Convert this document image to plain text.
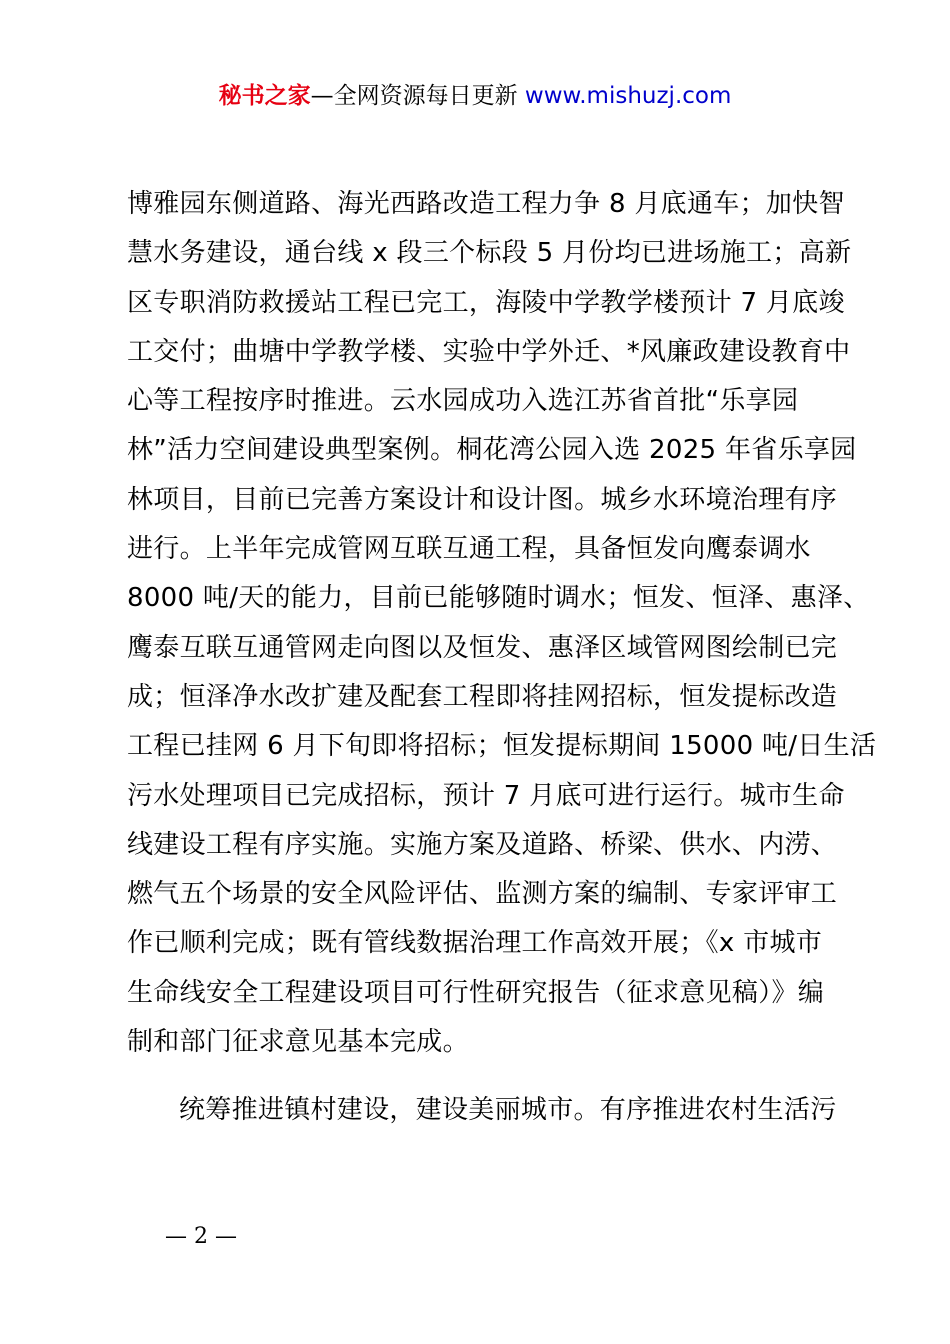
秘书之家—全网资源每日更新 www.mishuzj.com
博雅园东侧道路、海光西路改造工程力争 8 月底通车；加快智
慧水务建设，通台线 x 段三个标段 5 月份均已进场施工；高新
区专职消防救援站工程已完工，海陵中学教学楼预计 7 月底竣
工交付；曲塘中学教学楼、实验中学外迁、*风廉政建设教育中
心等工程按序时推进。云水园成功入选江苏省首批“乐享园
林”活力空间建设典型案例。桐花湾公园入选 2025 年省乐享园
林项目，目前已完善方案设计和设计图。城乡水环境治理有序
进行。上半年完成管网互联互通工程，具备恒发向鹰泰调水
8000 吨/天的能力，目前已能够随时调水；恒发、恒泽、惠泽、
鹰泰互联互通管网走向图以及恒发、惠泽区域管网图绘制已完
成；恒泽净水改扩建及配套工程即将挂网招标，恒发提标改造
工程已挂网 6 月下旬即将招标；恒发提标期间 15000 吨/日生活
污水处理项目已完成招标，预计 7 月底可进行运行。城市生命
线建设工程有序实施。实施方案及道路、桥梁、供水、内涝、
燃气五个场景的安全风险评估、监测方案的编制、专家评审工
作已顺利完成；既有管线数据治理工作高效开展；《x 市城市
生命线安全工程建设项目可行性研究报告（征求意见稿）》编
制和部门征求意见基本完成。
统筹推进镇村建设，建设美丽城市。有序推进农村生活污
— 2 —
